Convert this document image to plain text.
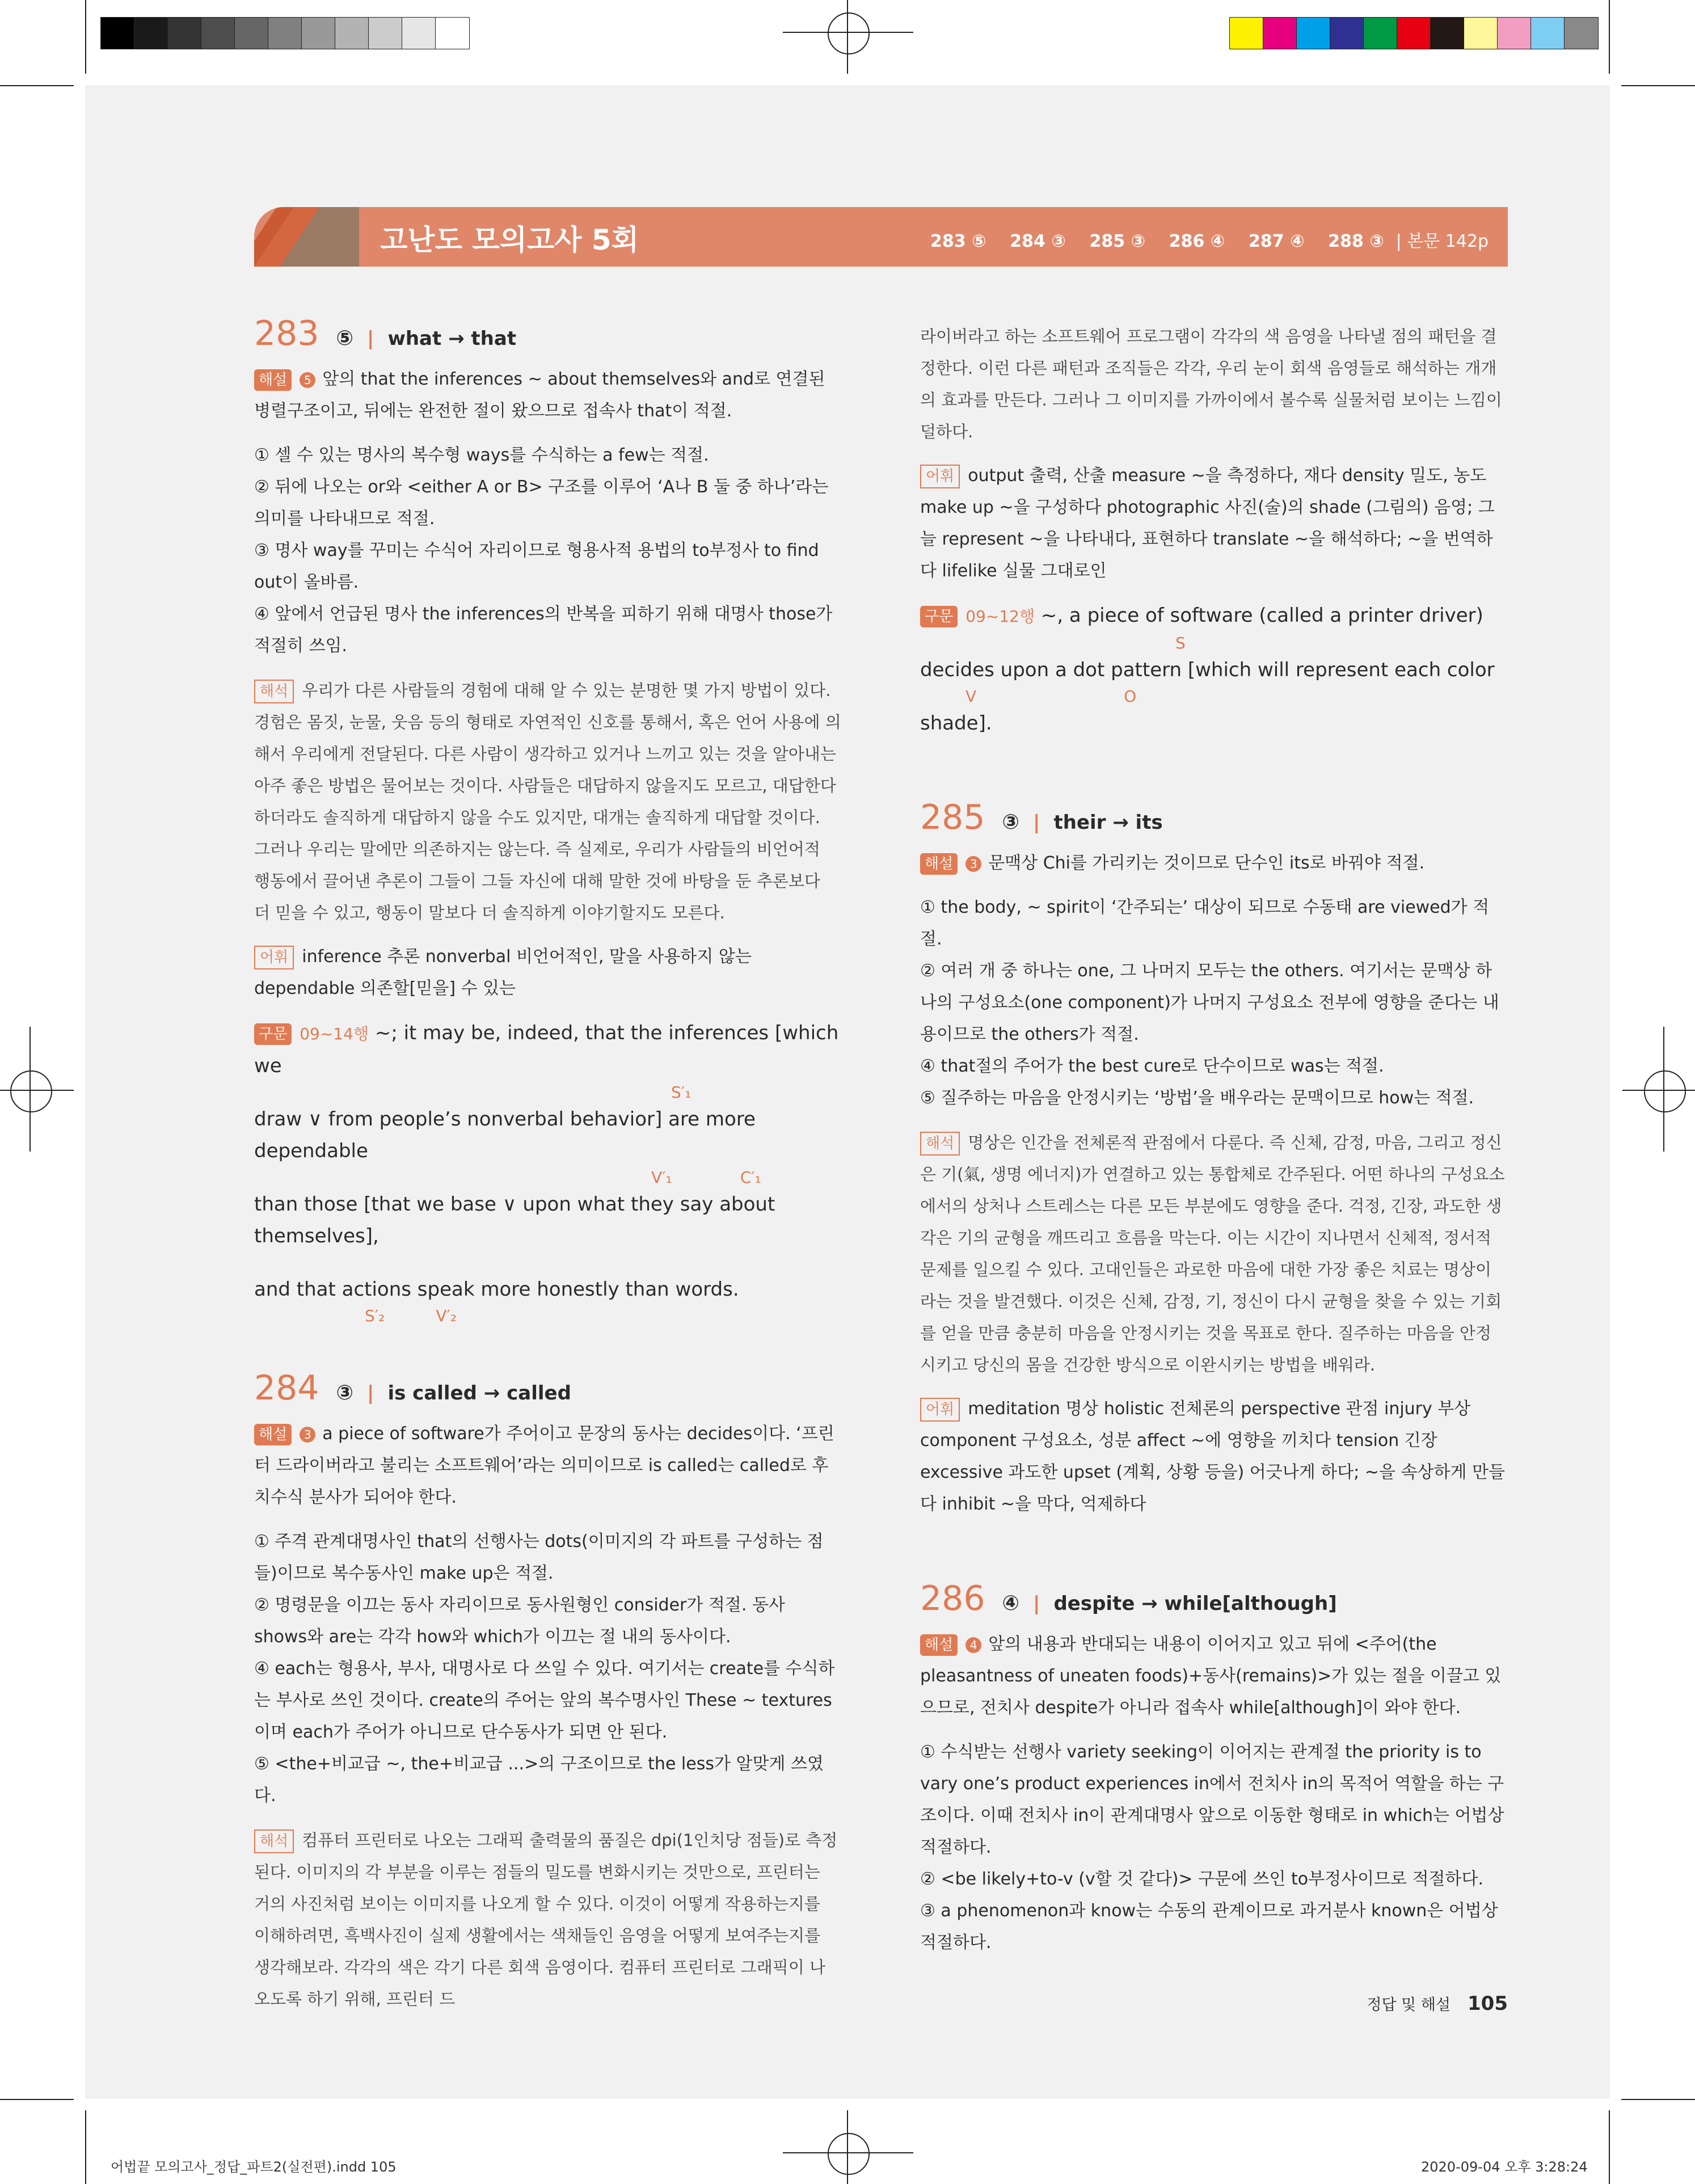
고난도 모의고사 5회	283 ⑤ 284 ③ 285 ③ 286 ④ 287 ④ 288 ③ | 본문 142p
283 ⑤ | what → that

해설 5 앞의 that the inferences ~ about themselves와 and로 연결된 병렬구조이고, 뒤에는 완전한 절이 왔으므로 접속사 that이 적절.

① 셀 수 있는 명사의 복수형 ways를 수식하는 a few는 적절.
② 뒤에 나오는 or와 <either A or B> 구조를 이루어 ‘A나 B 둘 중 하나’라는 의미를 나타내므로 적절.
③ 명사 way를 꾸미는 수식어 자리이므로 형용사적 용법의 to부정사 to find out이 올바름.
④ 앞에서 언급된 명사 the inferences의 반복을 피하기 위해 대명사 those가 적절히 쓰임.

해석 우리가 다른 사람들의 경험에 대해 알 수 있는 분명한 몇 가지 방법이 있다. 경험은 몸짓, 눈물, 웃음 등의 형태로 자연적인 신호를 통해서, 혹은 언어 사용에 의해서 우리에게 전달된다. 다른 사람이 생각하고 있거나 느끼고 있는 것을 알아내는 아주 좋은 방법은 물어보는 것이다. 사람들은 대답하지 않을지도 모르고, 대답한다 하더라도 솔직하게 대답하지 않을 수도 있지만, 대개는 솔직하게 대답할 것이다. 그러나 우리는 말에만 의존하지는 않는다. 즉 실제로, 우리가 사람들의 비언어적 행동에서 끌어낸 추론이 그들이 그들 자신에 대해 말한 것에 바탕을 둔 추론보다 더 믿을 수 있고, 행동이 말보다 더 솔직하게 이야기할지도 모른다.

어휘 inference 추론 nonverbal 비언어적인, 말을 사용하지 않는 dependable 의존할[믿을] 수 있는

구문 09~14행 ~; it may be, indeed, that the inferences [which we
S′₁
draw ∨ from people’s nonverbal behavior] are more dependable
V′₁	C′₁
than those [that we base ∨ upon what they say about themselves],

and that actions speak more honestly than words.
S′₂	V′₂
284 ③ | is called → called

해설 3 a piece of software가 주어이고 문장의 동사는 decides이다. ‘프린터 드라이버라고 불리는 소프트웨어’라는 의미이므로 is called는 called로 후치수식 분사가 되어야 한다.

① 주격 관계대명사인 that의 선행사는 dots(이미지의 각 파트를 구성하는 점들)이므로 복수동사인 make up은 적절.
② 명령문을 이끄는 동사 자리이므로 동사원형인 consider가 적절. 동사 shows와 are는 각각 how와 which가 이끄는 절 내의 동사이다.
④ each는 형용사, 부사, 대명사로 다 쓰일 수 있다. 여기서는 create를 수식하는 부사로 쓰인 것이다. create의 주어는 앞의 복수명사인 These ~ textures이며 each가 주어가 아니므로 단수동사가 되면 안 된다.
⑤ <the+비교급 ~, the+비교급 ...>의 구조이므로 the less가 알맞게 쓰였다.

해석 컴퓨터 프린터로 나오는 그래픽 출력물의 품질은 dpi(1인치당 점들)로 측정된다. 이미지의 각 부분을 이루는 점들의 밀도를 변화시키는 것만으로, 프린터는 거의 사진처럼 보이는 이미지를 나오게 할 수 있다. 이것이 어떻게 작용하는지를 이해하려면, 흑백사진이 실제 생활에서는 색채들인 음영을 어떻게 보여주는지를 생각해보라. 각각의 색은 각기 다른 회색 음영이다. 컴퓨터 프린터로 그래픽이 나오도록 하기 위해, 프린터 드

라이버라고 하는 소프트웨어 프로그램이 각각의 색 음영을 나타낼 점의 패턴을 결정한다. 이런 다른 패턴과 조직들은 각각, 우리 눈이 회색 음영들로 해석하는 개개의 효과를 만든다. 그러나 그 이미지를 가까이에서 볼수록 실물처럼 보이는 느낌이 덜하다.

어휘 output 출력, 산출 measure ~을 측정하다, 재다 density 밀도, 농도 make up ~을 구성하다 photographic 사진(술)의 shade (그림의) 음영; 그늘 represent ~을 나타내다, 표현하다 translate ~을 해석하다; ~을 번역하다 lifelike 실물 그대로인

구문 09~12행 ~, a piece of software (called a printer driver)
S
decides upon a dot pattern [which will represent each color
V	O
shade].
285 ③ | their → its

해설 3 문맥상 Chi를 가리키는 것이므로 단수인 its로 바꿔야 적절.

① the body, ~ spirit이 ‘간주되는’ 대상이 되므로 수동태 are viewed가 적절.
② 여러 개 중 하나는 one, 그 나머지 모두는 the others. 여기서는 문맥상 하나의 구성요소(one component)가 나머지 구성요소 전부에 영향을 준다는 내용이므로 the others가 적절.
④ that절의 주어가 the best cure로 단수이므로 was는 적절.
⑤ 질주하는 마음을 안정시키는 ‘방법’을 배우라는 문맥이므로 how는 적절.

해석 명상은 인간을 전체론적 관점에서 다룬다. 즉 신체, 감정, 마음, 그리고 정신은 기(氣, 생명 에너지)가 연결하고 있는 통합체로 간주된다. 어떤 하나의 구성요소에서의 상처나 스트레스는 다른 모든 부분에도 영향을 준다. 걱정, 긴장, 과도한 생각은 기의 균형을 깨뜨리고 흐름을 막는다. 이는 시간이 지나면서 신체적, 정서적 문제를 일으킬 수 있다. 고대인들은 과로한 마음에 대한 가장 좋은 치료는 명상이라는 것을 발견했다. 이것은 신체, 감정, 기, 정신이 다시 균형을 찾을 수 있는 기회를 얻을 만큼 충분히 마음을 안정시키는 것을 목표로 한다. 질주하는 마음을 안정시키고 당신의 몸을 건강한 방식으로 이완시키는 방법을 배워라.

어휘 meditation 명상 holistic 전체론의 perspective 관점 injury 부상 component 구성요소, 성분 affect ~에 영향을 끼치다 tension 긴장 excessive 과도한 upset (계획, 상황 등을) 어긋나게 하다; ~을 속상하게 만들다 inhibit ~을 막다, 억제하다

286 ④ | despite → while[although]

해설 4 앞의 내용과 반대되는 내용이 이어지고 있고 뒤에 <주어(the pleasantness of uneaten foods)+동사(remains)>가 있는 절을 이끌고 있으므로, 전치사 despite가 아니라 접속사 while[although]이 와야 한다.

① 수식받는 선행사 variety seeking이 이어지는 관계절 the priority is to vary one’s product experiences in에서 전치사 in의 목적어 역할을 하는 구조이다. 이때 전치사 in이 관계대명사 앞으로 이동한 형태로 in which는 어법상 적절하다.
② <be likely+to-v (v할 것 같다)> 구문에 쓰인 to부정사이므로 적절하다.
③ a phenomenon과 know는 수동의 관계이므로 과거분사 known은 어법상 적절하다.
정답 및 해설 105
어법끝 모의고사_정답_파트2(실전편).indd 105	2020-09-04 오후 3:28:24
